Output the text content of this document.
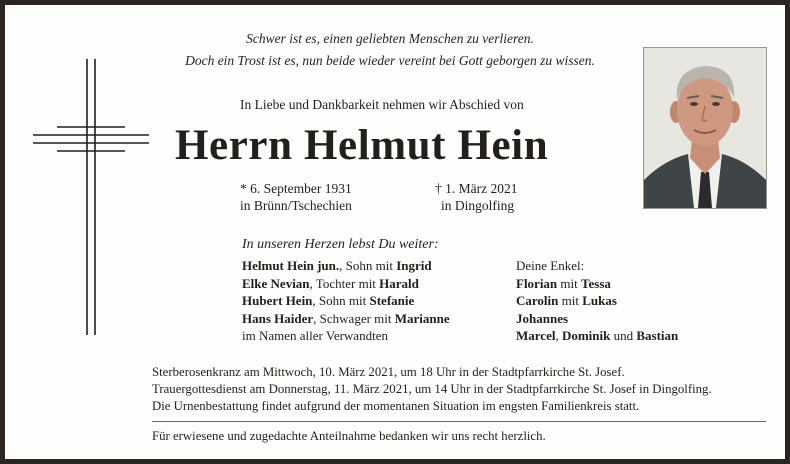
Schwer ist es, einen geliebten Menschen zu verlieren.
Doch ein Trost ist es, nun beide wieder vereint bei Gott geborgen zu wissen.
In Liebe und Dankbarkeit nehmen wir Abschied von
Herrn Helmut Hein
* 6. September 1931
in Brünn/Tschechien
† 1. März 2021
in Dingolfing
In unseren Herzen lebst Du weiter:
Helmut Hein jun., Sohn mit Ingrid
Elke Nevian, Tochter mit Harald
Hubert Hein, Sohn mit Stefanie
Hans Haider, Schwager mit Marianne
im Namen aller Verwandten
Deine Enkel:
Florian mit Tessa
Carolin mit Lukas
Johannes
Marcel, Dominik und Bastian
Sterberosenkranz am Mittwoch, 10. März 2021, um 18 Uhr in der Stadtpfarrkirche St. Josef.
Trauergottesdienst am Donnerstag, 11. März 2021, um 14 Uhr in der Stadtpfarrkirche St. Josef in Dingolfing.
Die Urnenbestattung findet aufgrund der momentanen Situation im engsten Familienkreis statt.
Für erwiesene und zugedachte Anteilnahme bedanken wir uns recht herzlich.
